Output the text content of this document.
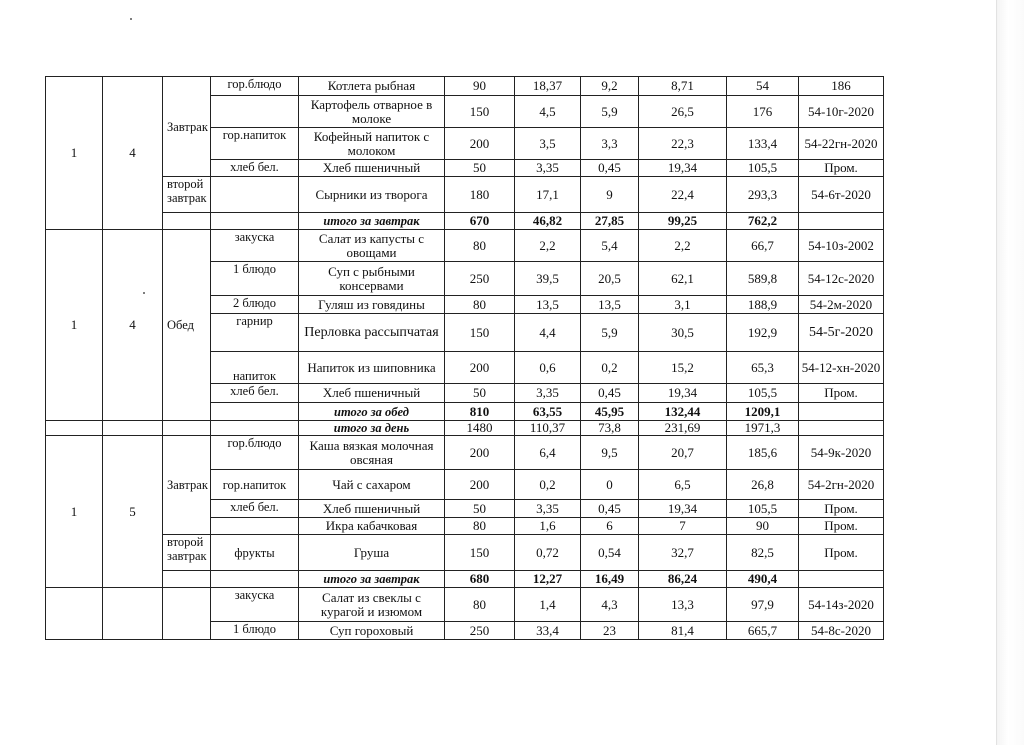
1	4	Завтрак	гор.блюдо	Котлета рыбная	90	18,37	9,2	8,71	54	186
				Картофель отварное в молоке	150	4,5	5,9	26,5	176	54-10г-2020
			гор.напиток	Кофейный напиток с молоком	200	3,5	3,3	22,3	133,4	54-22гн-2020
			хлеб бел.	Хлеб пшеничный	50	3,35	0,45	19,34	105,5	Пром.
		второй завтрак		Сырники из творога	180	17,1	9	22,4	293,3	54-6т-2020
				итого за завтрак	670	46,82	27,85	99,25	762,2	
1	4	Обед	закуска	Салат из капусты с овощами	80	2,2	5,4	2,2	66,7	54-10з-2002
			1 блюдо	Суп с рыбными консервами	250	39,5	20,5	62,1	589,8	54-12с-2020
			2 блюдо	Гуляш из говядины	80	13,5	13,5	3,1	188,9	54-2м-2020
			гарнир	Перловка рассыпчатая	150	4,4	5,9	30,5	192,9	54-5г-2020
			напиток	Напиток из шиповника	200	0,6	0,2	15,2	65,3	54-12-хн-2020
			хлеб бел.	Хлеб пшеничный	50	3,35	0,45	19,34	105,5	Пром.
				итого за обед	810	63,55	45,95	132,44	1209,1	
				итого за день	1480	110,37	73,8	231,69	1971,3	
1	5	Завтрак	гор.блюдо	Каша вязкая молочная овсяная	200	6,4	9,5	20,7	185,6	54-9к-2020
			гор.напиток	Чай с сахаром	200	0,2	0	6,5	26,8	54-2гн-2020
			хлеб бел.	Хлеб пшеничный	50	3,35	0,45	19,34	105,5	Пром.
				Икра кабачковая	80	1,6	6	7	90	Пром.
		второй завтрак	фрукты	Груша	150	0,72	0,54	32,7	82,5	Пром.
				итого за завтрак	680	12,27	16,49	86,24	490,4	
			закуска	Салат из свеклы с курагой и изюмом	80	1,4	4,3	13,3	97,9	54-14з-2020
			1 блюдо	Суп гороховый	250	33,4	23	81,4	665,7	54-8с-2020
